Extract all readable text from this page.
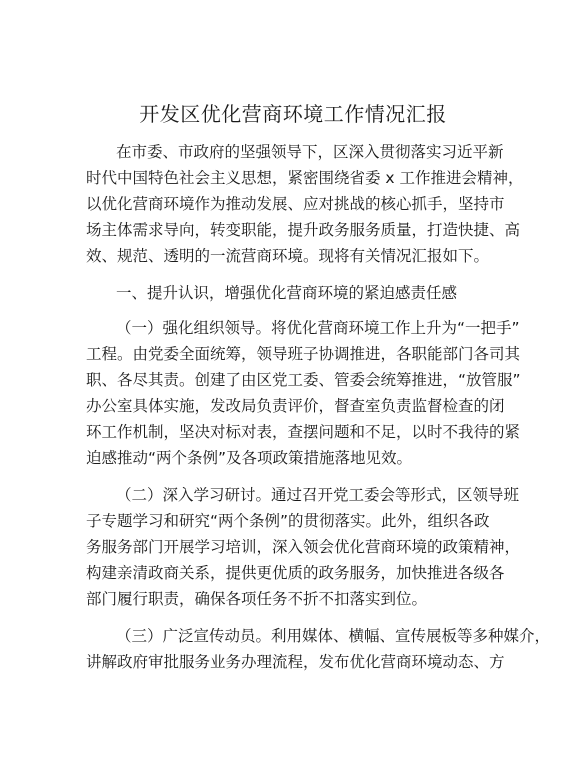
开发区优化营商环境工作情况汇报
在市委、市政府的坚强领导下，区深入贯彻落实习近平新
时代中国特色社会主义思想，紧密围绕省委 x 工作推进会精神，
以优化营商环境作为推动发展、应对挑战的核心抓手，坚持市
场主体需求导向，转变职能，提升政务服务质量，打造快捷、高
效、规范、透明的一流营商环境。现将有关情况汇报如下。
一、提升认识，增强优化营商环境的紧迫感责任感
（一）强化组织领导。将优化营商环境工作上升为“一把手”
工程。由党委全面统筹，领导班子协调推进，各职能部门各司其
职、各尽其责。创建了由区党工委、管委会统筹推进，“放管服”
办公室具体实施，发改局负责评价，督查室负责监督检查的闭
环工作机制，坚决对标对表，查摆问题和不足，以时不我待的紧
迫感推动“两个条例”及各项政策措施落地见效。
（二）深入学习研讨。通过召开党工委会等形式，区领导班
子专题学习和研究“两个条例”的贯彻落实。此外，组织各政
务服务部门开展学习培训，深入领会优化营商环境的政策精神，
构建亲清政商关系，提供更优质的政务服务，加快推进各级各
部门履行职责，确保各项任务不折不扣落实到位。
（三）广泛宣传动员。利用媒体、横幅、宣传展板等多种媒介，
讲解政府审批服务业务办理流程，发布优化营商环境动态、方
